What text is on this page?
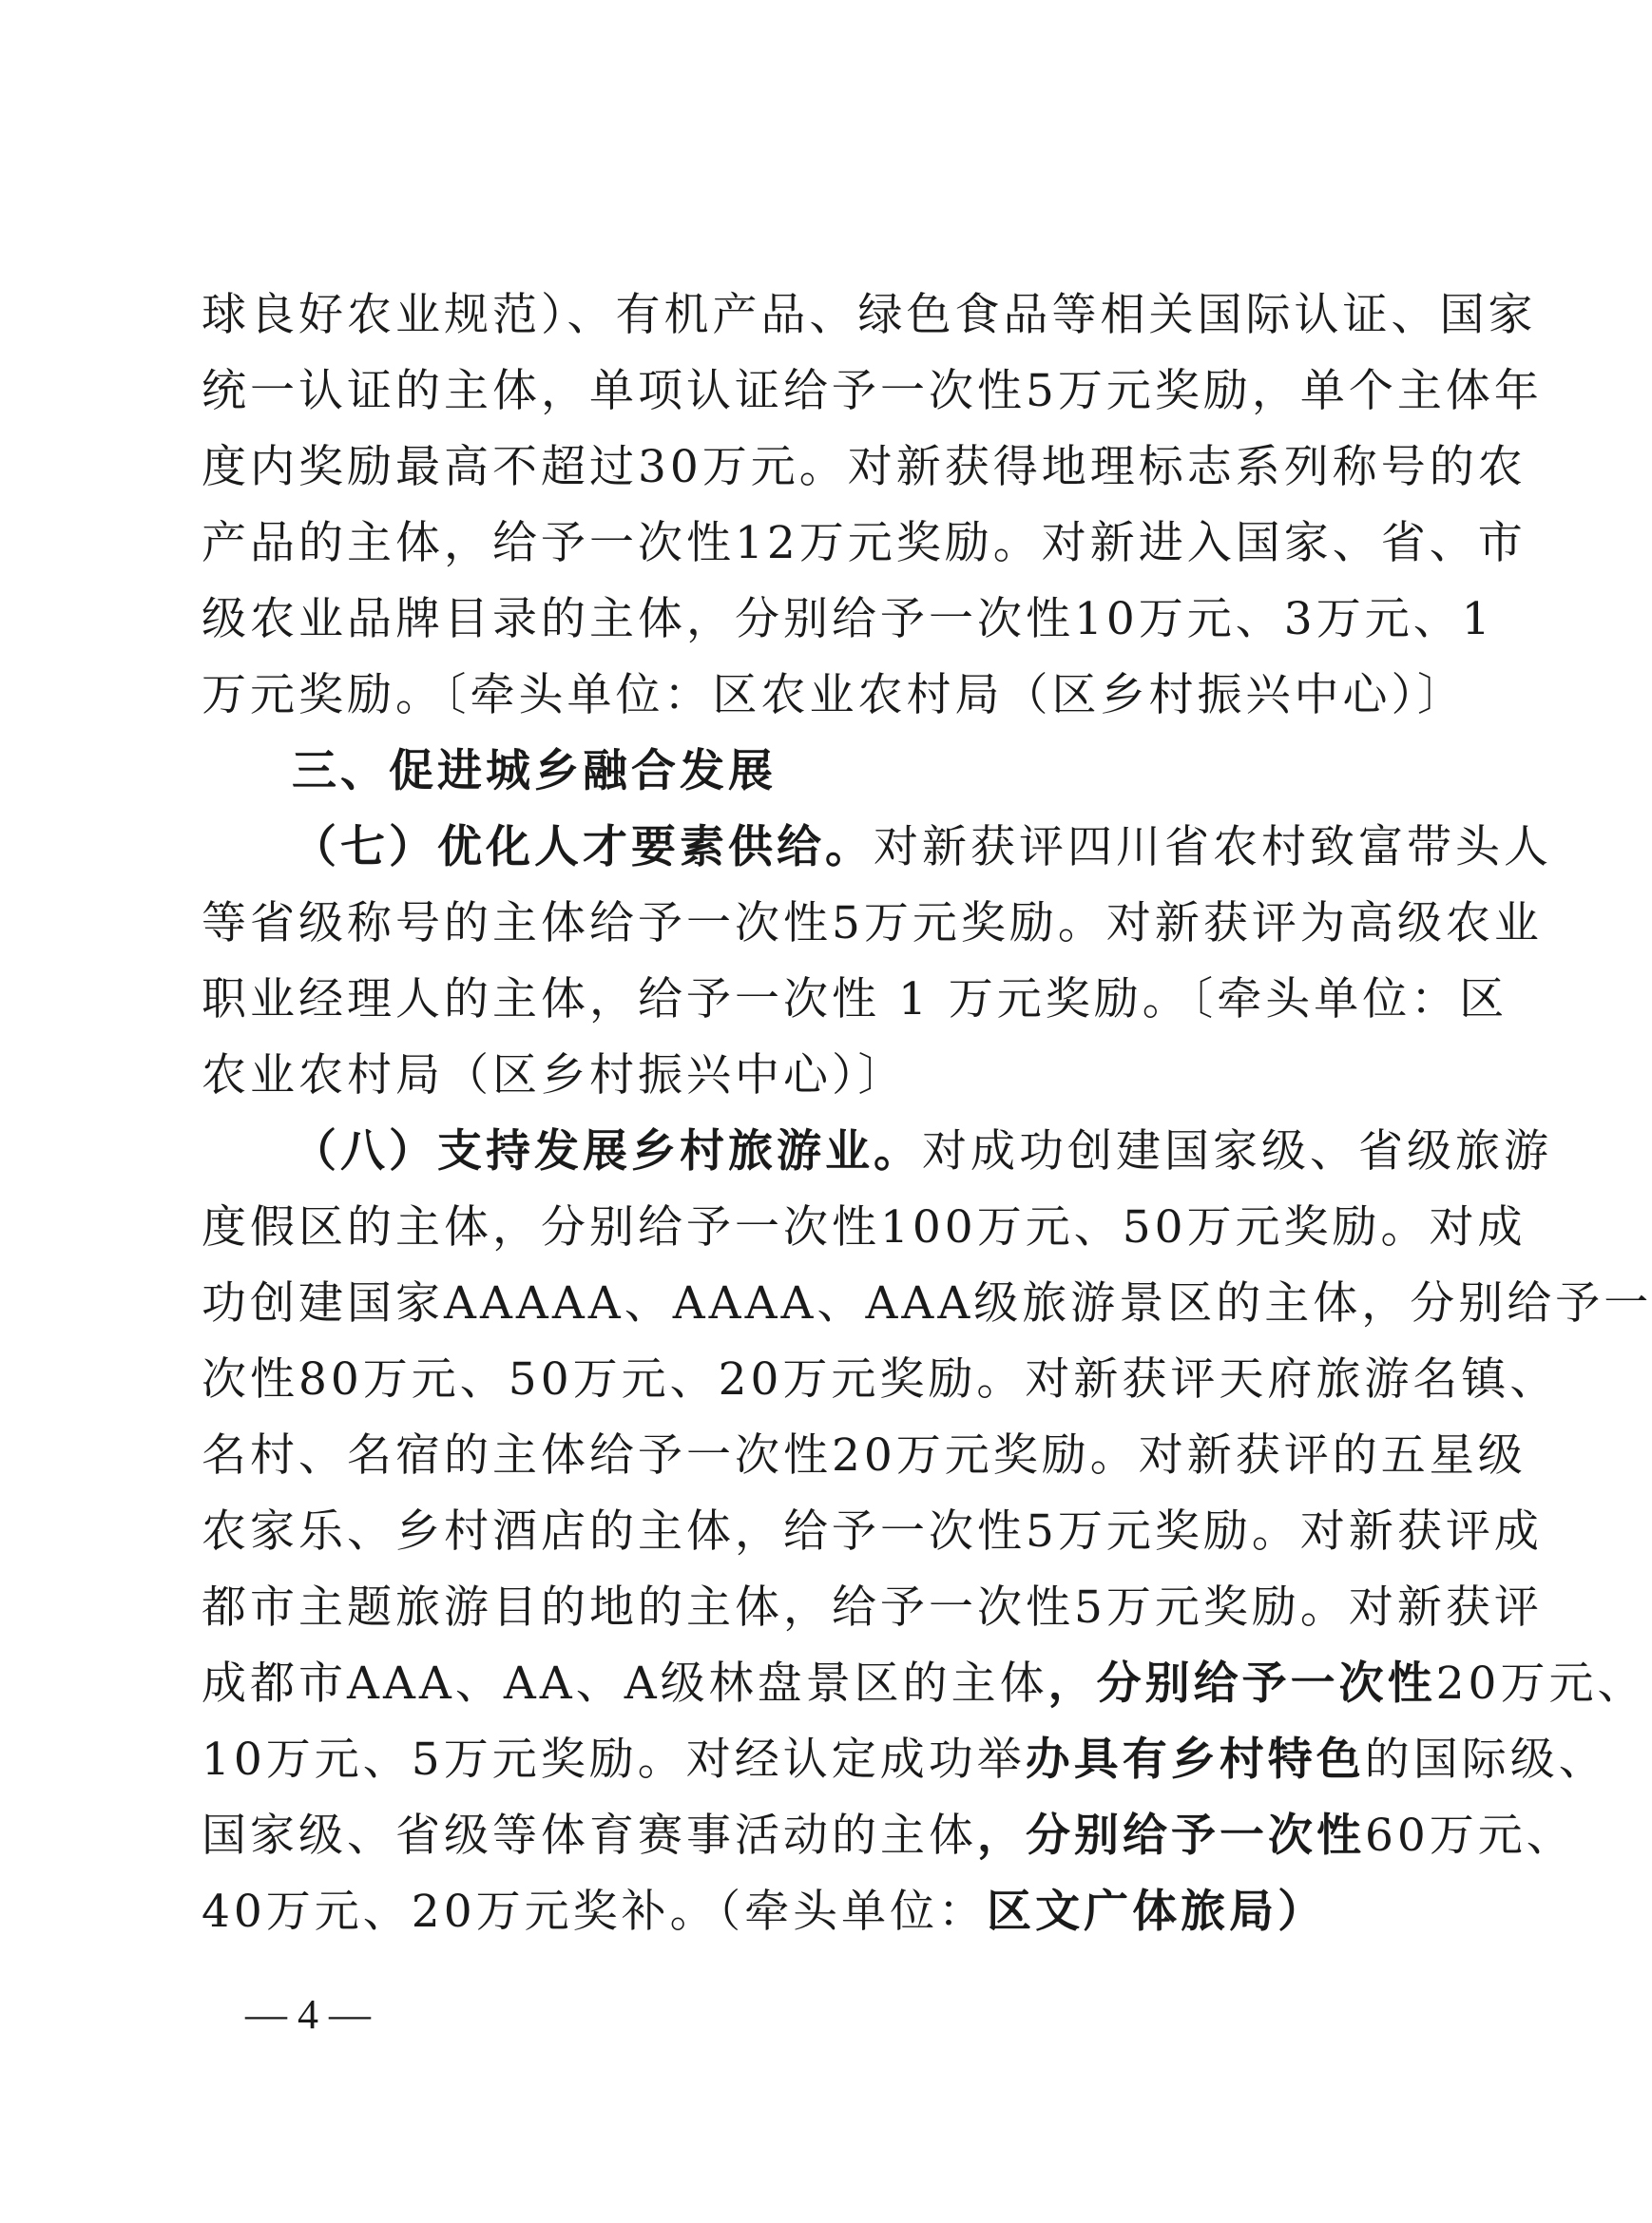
球良好农业规范）、有机产品、绿色食品等相关国际认证、国家
统一认证的主体，单项认证给予一次性5万元奖励，单个主体年
度内奖励最高不超过30万元。对新获得地理标志系列称号的农
产品的主体，给予一次性12万元奖励。对新进入国家、省、市
级农业品牌目录的主体，分别给予一次性10万元、3万元、1
万元奖励。〔牵头单位：区农业农村局（区乡村振兴中心）〕
三、促进城乡融合发展
（七）优化人才要素供给。对新获评四川省农村致富带头人
等省级称号的主体给予一次性5万元奖励。对新获评为高级农业
职业经理人的主体，给予一次性 1 万元奖励。〔牵头单位：区
农业农村局（区乡村振兴中心）〕
（八）支持发展乡村旅游业。对成功创建国家级、省级旅游
度假区的主体，分别给予一次性100万元、50万元奖励。对成
功创建国家AAAAA、AAAA、AAA级旅游景区的主体，分别给予一
次性80万元、50万元、20万元奖励。对新获评天府旅游名镇、
名村、名宿的主体给予一次性20万元奖励。对新获评的五星级
农家乐、乡村酒店的主体，给予一次性5万元奖励。对新获评成
都市主题旅游目的地的主体，给予一次性5万元奖励。对新获评
成都市AAA、AA、A级林盘景区的主体，分别给予一次性20万元、
10万元、5万元奖励。对经认定成功举办具有乡村特色的国际级、
国家级、省级等体育赛事活动的主体，分别给予一次性60万元、
40万元、20万元奖补。（牵头单位：区文广体旅局）
— 4 —
